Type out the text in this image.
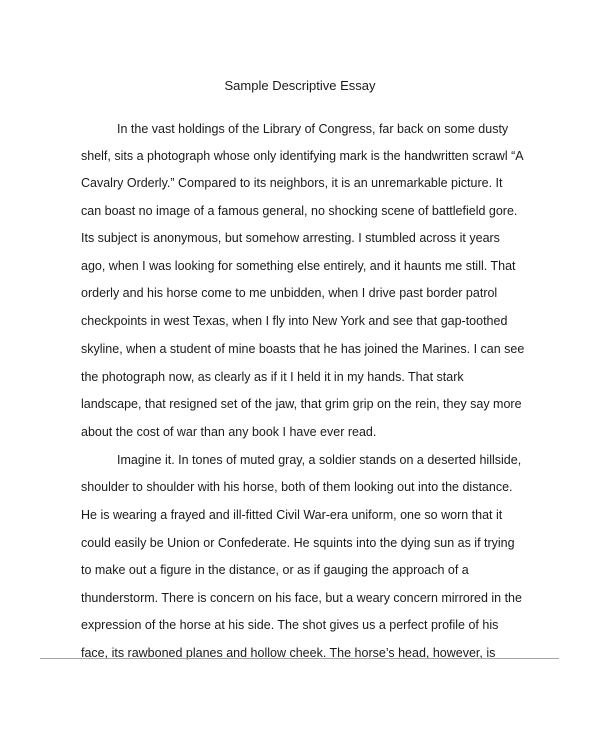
Sample Descriptive Essay
In the vast holdings of the Library of Congress, far back on some dusty
shelf, sits a photograph whose only identifying mark is the handwritten scrawl “A
Cavalry Orderly.” Compared to its neighbors, it is an unremarkable picture. It
can boast no image of a famous general, no shocking scene of battlefield gore.
Its subject is anonymous, but somehow arresting. I stumbled across it years
ago, when I was looking for something else entirely, and it haunts me still. That
orderly and his horse come to me unbidden, when I drive past border patrol
checkpoints in west Texas, when I fly into New York and see that gap-toothed
skyline, when a student of mine boasts that he has joined the Marines. I can see
the photograph now, as clearly as if it I held it in my hands. That stark
landscape, that resigned set of the jaw, that grim grip on the rein, they say more
about the cost of war than any book I have ever read.
Imagine it. In tones of muted gray, a soldier stands on a deserted hillside,
shoulder to shoulder with his horse, both of them looking out into the distance.
He is wearing a frayed and ill-fitted Civil War-era uniform, one so worn that it
could easily be Union or Confederate. He squints into the dying sun as if trying
to make out a figure in the distance, or as if gauging the approach of a
thunderstorm. There is concern on his face, but a weary concern mirrored in the
expression of the horse at his side. The shot gives us a perfect profile of his
face, its rawboned planes and hollow cheek. The horse’s head, however, is
